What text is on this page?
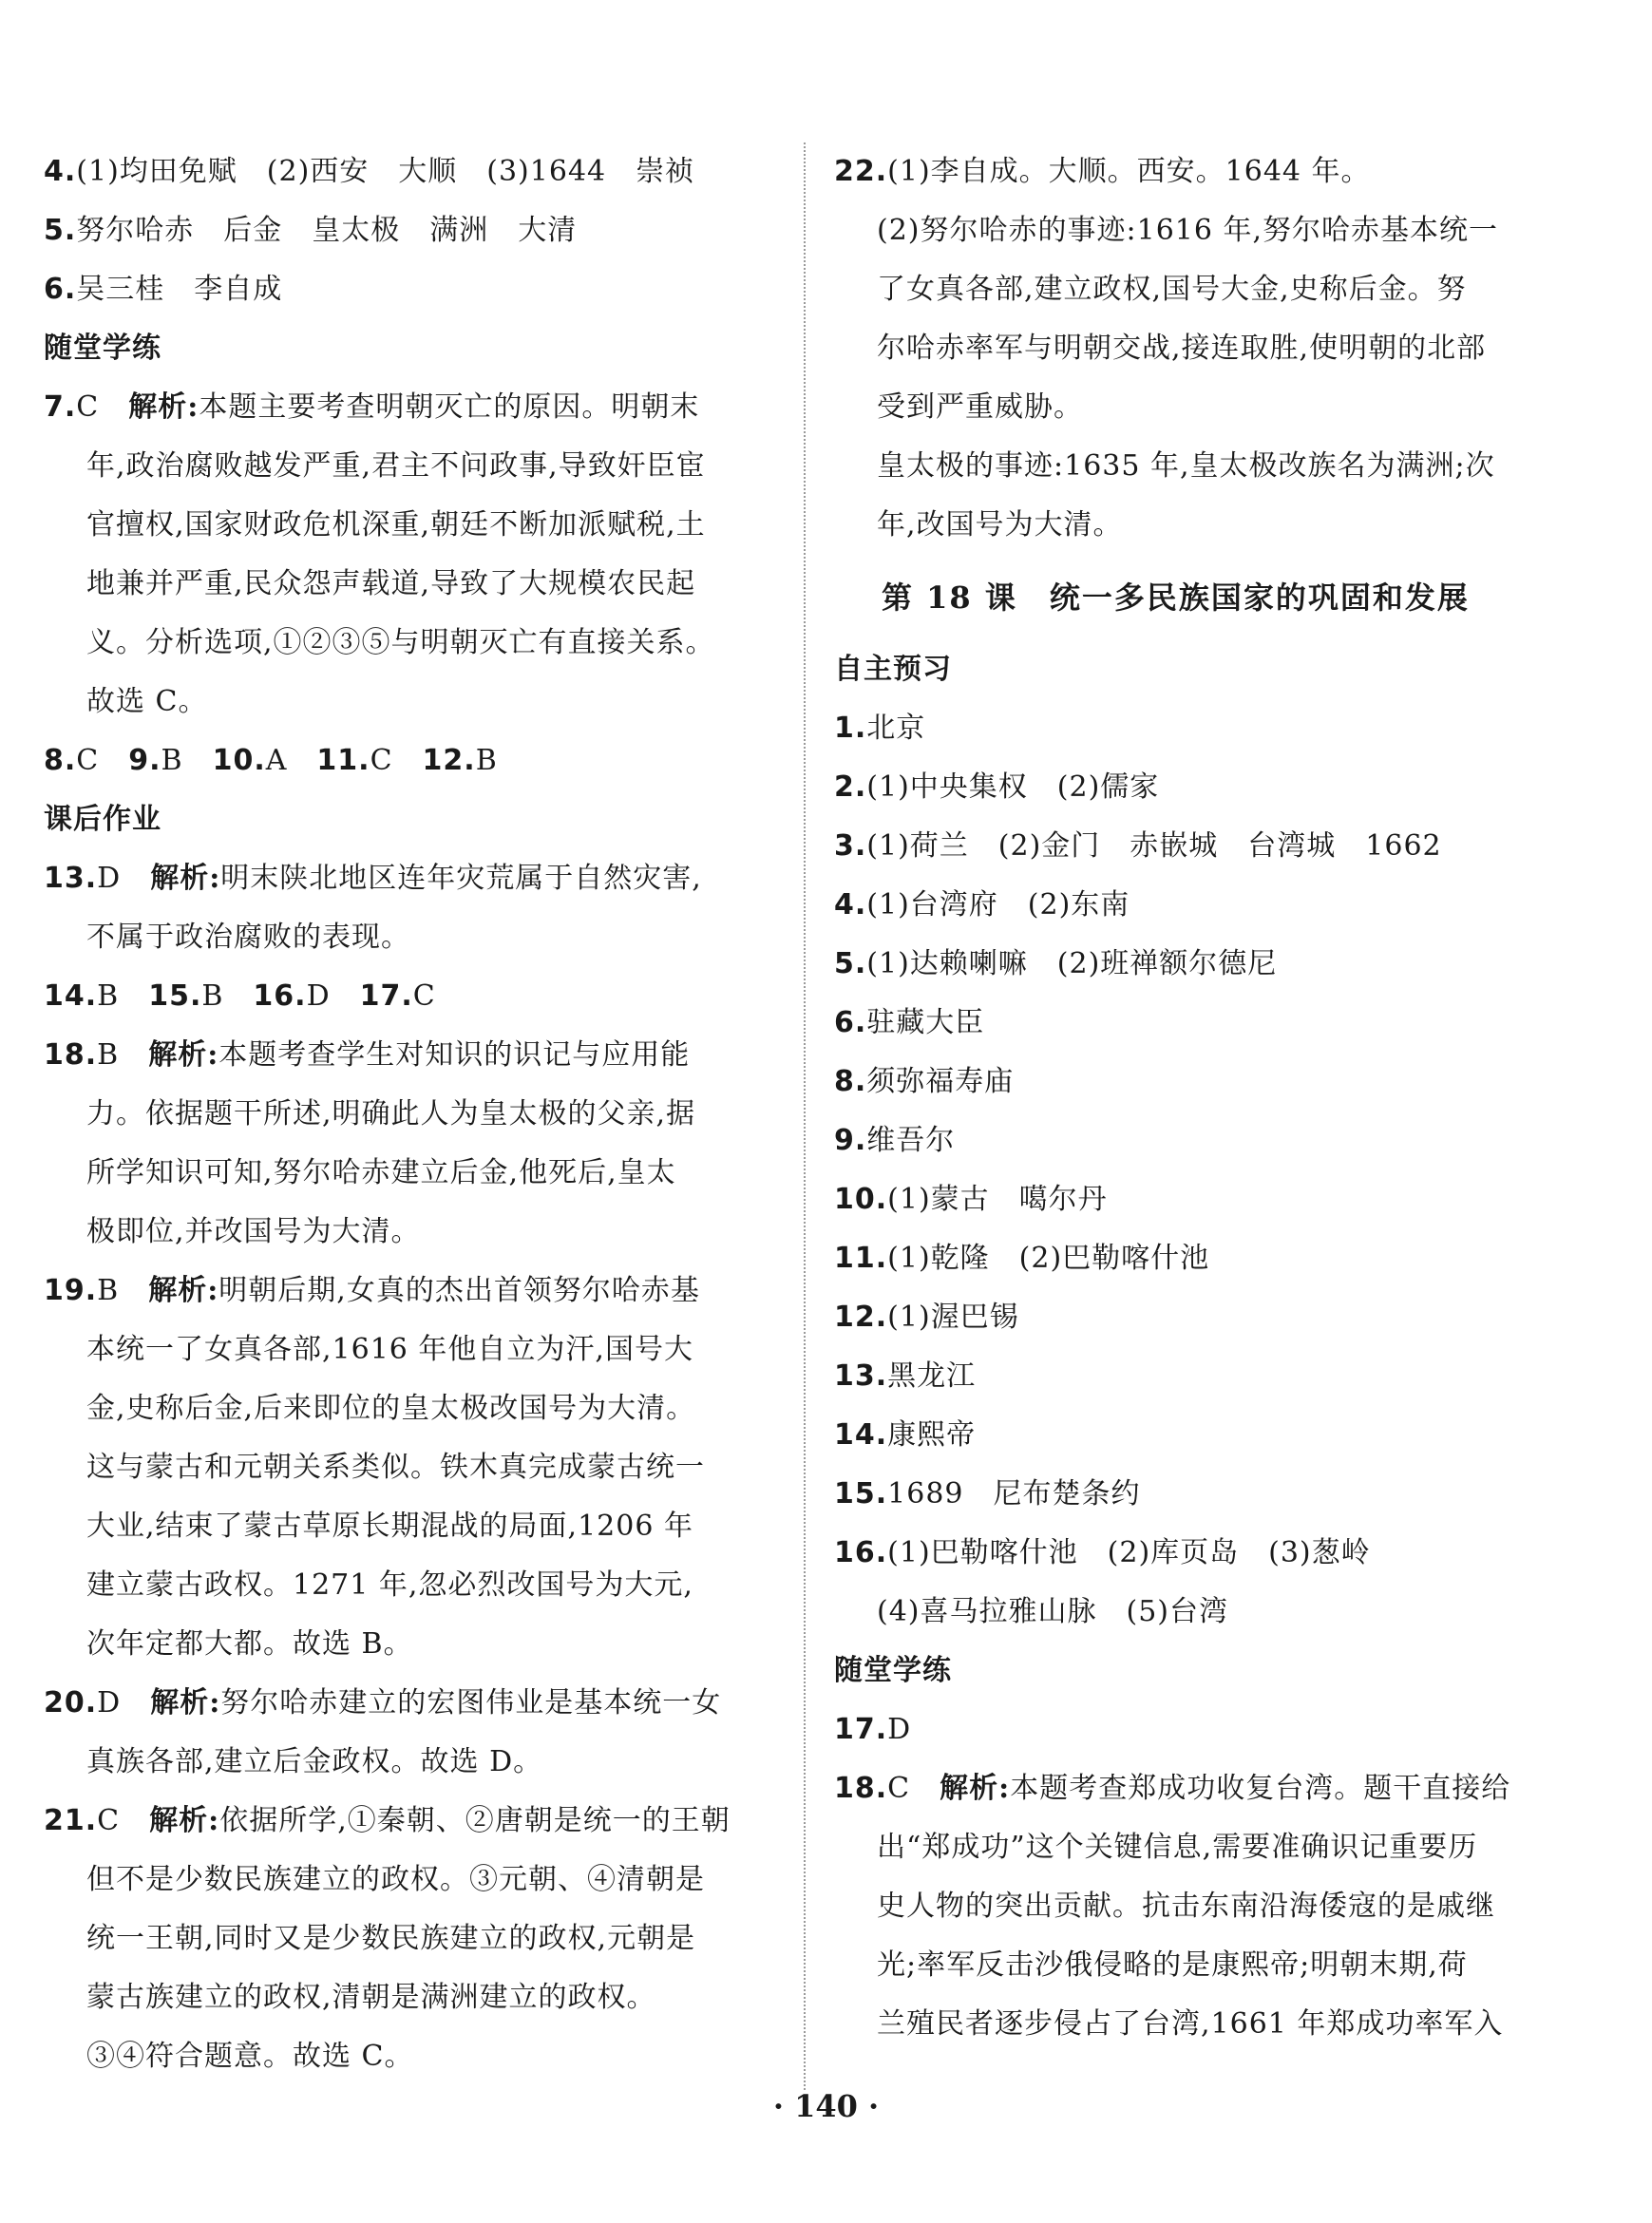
4.(1)均田免赋　(2)西安　大顺　(3)1644　崇祯
5.努尔哈赤　后金　皇太极　满洲　大清
6.吴三桂　李自成
随堂学练
7.C　 解析:本题主要考查明朝灭亡的原因。明朝末
年,政治腐败越发严重,君主不问政事,导致奸臣宦
官擅权,国家财政危机深重,朝廷不断加派赋税,土
地兼并严重,民众怨声载道,导致了大规模农民起
义。分析选项,①②③⑤与明朝灭亡有直接关系。
故选 C。
8.C　 9.B　 10.A　 11.C　 12.B
课后作业
13.D　 解析:明末陕北地区连年灾荒属于自然灾害,
不属于政治腐败的表现。
14.B　 15.B　 16.D　 17.C
18.B　 解析:本题考查学生对知识的识记与应用能
力。依据题干所述,明确此人为皇太极的父亲,据
所学知识可知,努尔哈赤建立后金,他死后,皇太
极即位,并改国号为大清。
19.B　 解析:明朝后期,女真的杰出首领努尔哈赤基
本统一了女真各部,1616 年他自立为汗,国号大
金,史称后金,后来即位的皇太极改国号为大清。
这与蒙古和元朝关系类似。铁木真完成蒙古统一
大业,结束了蒙古草原长期混战的局面,1206 年
建立蒙古政权。1271 年,忽必烈改国号为大元,
次年定都大都。故选 B。
20.D　 解析:努尔哈赤建立的宏图伟业是基本统一女
真族各部,建立后金政权。故选 D。
21.C　 解析:依据所学,①秦朝、②唐朝是统一的王朝
但不是少数民族建立的政权。③元朝、④清朝是
统一王朝,同时又是少数民族建立的政权,元朝是
蒙古族建立的政权,清朝是满洲建立的政权。
③④符合题意。故选 C。
22.(1)李自成。大顺。西安。1644 年。
(2)努尔哈赤的事迹:1616 年,努尔哈赤基本统一
了女真各部,建立政权,国号大金,史称后金。努
尔哈赤率军与明朝交战,接连取胜,使明朝的北部
受到严重威胁。
皇太极的事迹:1635 年,皇太极改族名为满洲;次
年,改国号为大清。
第 18 课　统一多民族国家的巩固和发展
自主预习
1.北京
2.(1)中央集权　(2)儒家
3.(1)荷兰　(2)金门　赤嵌城　台湾城　1662
4.(1)台湾府　(2)东南
5.(1)达赖喇嘛　(2)班禅额尔德尼
6.驻藏大臣
8.须弥福寿庙
9.维吾尔
10.(1)蒙古　噶尔丹
11.(1)乾隆　(2)巴勒喀什池
12.(1)渥巴锡
13.黑龙江
14.康熙帝
15.1689　尼布楚条约
16.(1)巴勒喀什池　(2)库页岛　(3)葱岭
(4)喜马拉雅山脉　(5)台湾
随堂学练
17.D
18.C　 解析:本题考查郑成功收复台湾。题干直接给
出“郑成功”这个关键信息,需要准确识记重要历
史人物的突出贡献。抗击东南沿海倭寇的是戚继
光;率军反击沙俄侵略的是康熙帝;明朝末期,荷
兰殖民者逐步侵占了台湾,1661 年郑成功率军入
· 140 ·
